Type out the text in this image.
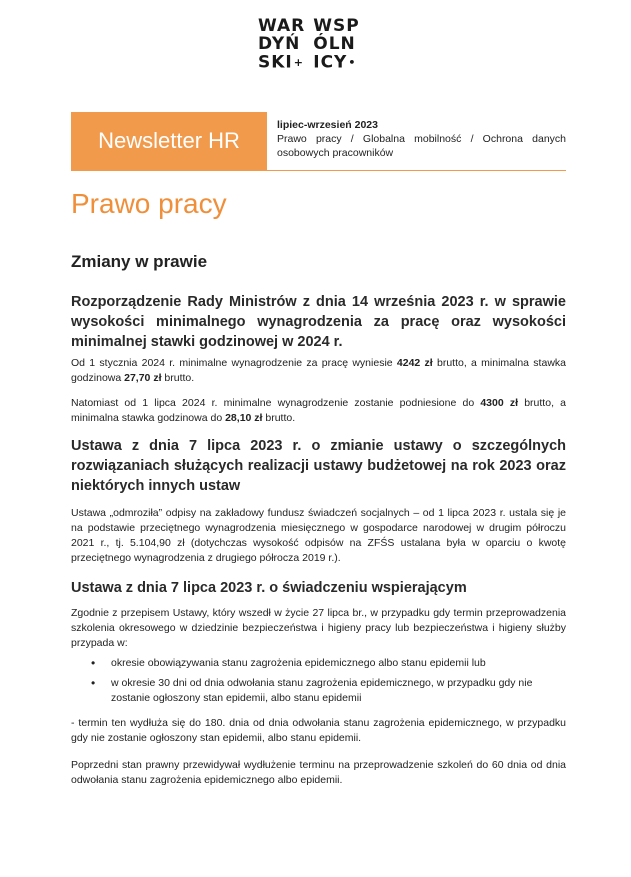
WAR
DYŃ
SKI+
WSP
ÓLN
ICY•
Newsletter HR
lipiec-wrzesień 2023
Prawo pracy / Globalna mobilność / Ochrona danych osobowych pracowników
Prawo pracy
Zmiany w prawie
Rozporządzenie Rady Ministrów z dnia 14 września 2023 r. w sprawie wysokości minimalnego wynagrodzenia za pracę oraz wysokości minimalnej stawki godzinowej w 2024 r.
Od 1 stycznia 2024 r. minimalne wynagrodzenie za pracę wyniesie 4242 zł brutto, a minimalna stawka godzinowa 27,70 zł brutto.
Natomiast od 1 lipca 2024 r. minimalne wynagrodzenie zostanie podniesione do 4300 zł brutto, a minimalna stawka godzinowa do 28,10 zł brutto.
Ustawa z dnia 7 lipca 2023 r. o zmianie ustawy o szczególnych rozwiązaniach służących realizacji ustawy budżetowej na rok 2023 oraz niektórych innych ustaw
Ustawa „odmroziła” odpisy na zakładowy fundusz świadczeń socjalnych – od 1 lipca 2023 r. ustala się je na podstawie przeciętnego wynagrodzenia miesięcznego w gospodarce narodowej w drugim półroczu 2021 r., tj. 5.104,90 zł (dotychczas wysokość odpisów na ZFŚS ustalana była w oparciu o kwotę przeciętnego wynagrodzenia z drugiego półrocza 2019 r.).
Ustawa z dnia 7 lipca 2023 r. o świadczeniu wspierającym
Zgodnie z przepisem Ustawy, który wszedł w życie 27 lipca br., w przypadku gdy termin przeprowadzenia szkolenia okresowego w dziedzinie bezpieczeństwa i higieny pracy lub bezpieczeństwa i higieny służby przypada w:
• okresie obowiązywania stanu zagrożenia epidemicznego albo stanu epidemii lub
• w okresie 30 dni od dnia odwołania stanu zagrożenia epidemicznego, w przypadku gdy nie zostanie ogłoszony stan epidemii, albo stanu epidemii
- termin ten wydłuża się do 180. dnia od dnia odwołania stanu zagrożenia epidemicznego, w przypadku gdy nie zostanie ogłoszony stan epidemii, albo stanu epidemii.
Poprzedni stan prawny przewidywał wydłużenie terminu na przeprowadzenie szkoleń do 60 dnia od dnia odwołania stanu zagrożenia epidemicznego albo epidemii.
